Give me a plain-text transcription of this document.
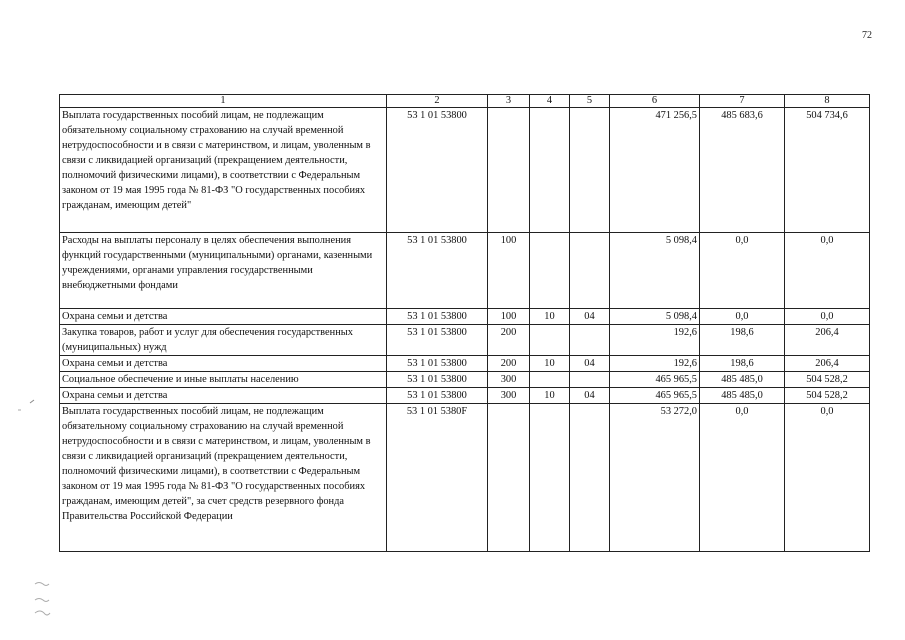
72
1	2	3	4	5	6	7	8
Выплата государственных пособий лицам, не подлежащим обязательному социальному страхованию на случай временной нетрудоспособности и в связи с материнством, и лицам, уволенным в связи с ликвидацией организаций (прекращением деятельности, полномочий физическими лицами), в соответствии с Федеральным законом от 19 мая 1995 года № 81-ФЗ "О государственных пособиях гражданам, имеющим детей"	53 1 01 53800				471 256,5	485 683,6	504 734,6
Расходы на выплаты персоналу в целях обеспечения выполнения функций государственными (муниципальными) органами, казенными учреждениями, органами управления государственными внебюджетными фондами	53 1 01 53800	100			5 098,4	0,0	0,0
Охрана семьи и детства	53 1 01 53800	100	10	04	5 098,4	0,0	0,0
Закупка товаров, работ и услуг для обеспечения государственных (муниципальных) нужд	53 1 01 53800	200			192,6	198,6	206,4
Охрана семьи и детства	53 1 01 53800	200	10	04	192,6	198,6	206,4
Социальное обеспечение и иные выплаты населению	53 1 01 53800	300			465 965,5	485 485,0	504 528,2
Охрана семьи и детства	53 1 01 53800	300	10	04	465 965,5	485 485,0	504 528,2
Выплата государственных пособий лицам, не подлежащим обязательному социальному страхованию на случай временной нетрудоспособности и в связи с материнством, и лицам, уволенным в связи с ликвидацией организаций (прекращением деятельности, полномочий физическими лицами), в соответствии с Федеральным законом от 19 мая 1995 года № 81-ФЗ "О государственных пособиях гражданам, имеющим детей", за счет средств резервного фонда Правительства Российской Федерации	53 1 01 5380F				53 272,0	0,0	0,0
